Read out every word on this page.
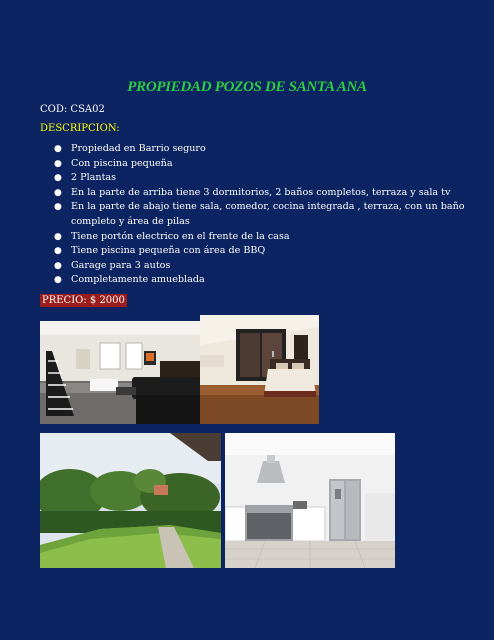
PROPIEDAD POZOS DE SANTA ANA
COD: CSA02
DESCRIPCION:
● Propiedad en Barrio seguro
● Con piscina pequeña
● 2 Plantas
● En la parte de arriba tiene 3 dormitorios, 2 baños completos, terraza y sala tv
● En la parte de abajo tiene sala, comedor, cocina integrada , terraza, con un baño completo y área de pilas
● Tiene portón electrico en el frente de la casa
● Tiene piscina pequeña con área de BBQ
● Garage para 3 autos
● Completamente amueblada
PRECIO: $ 2000
